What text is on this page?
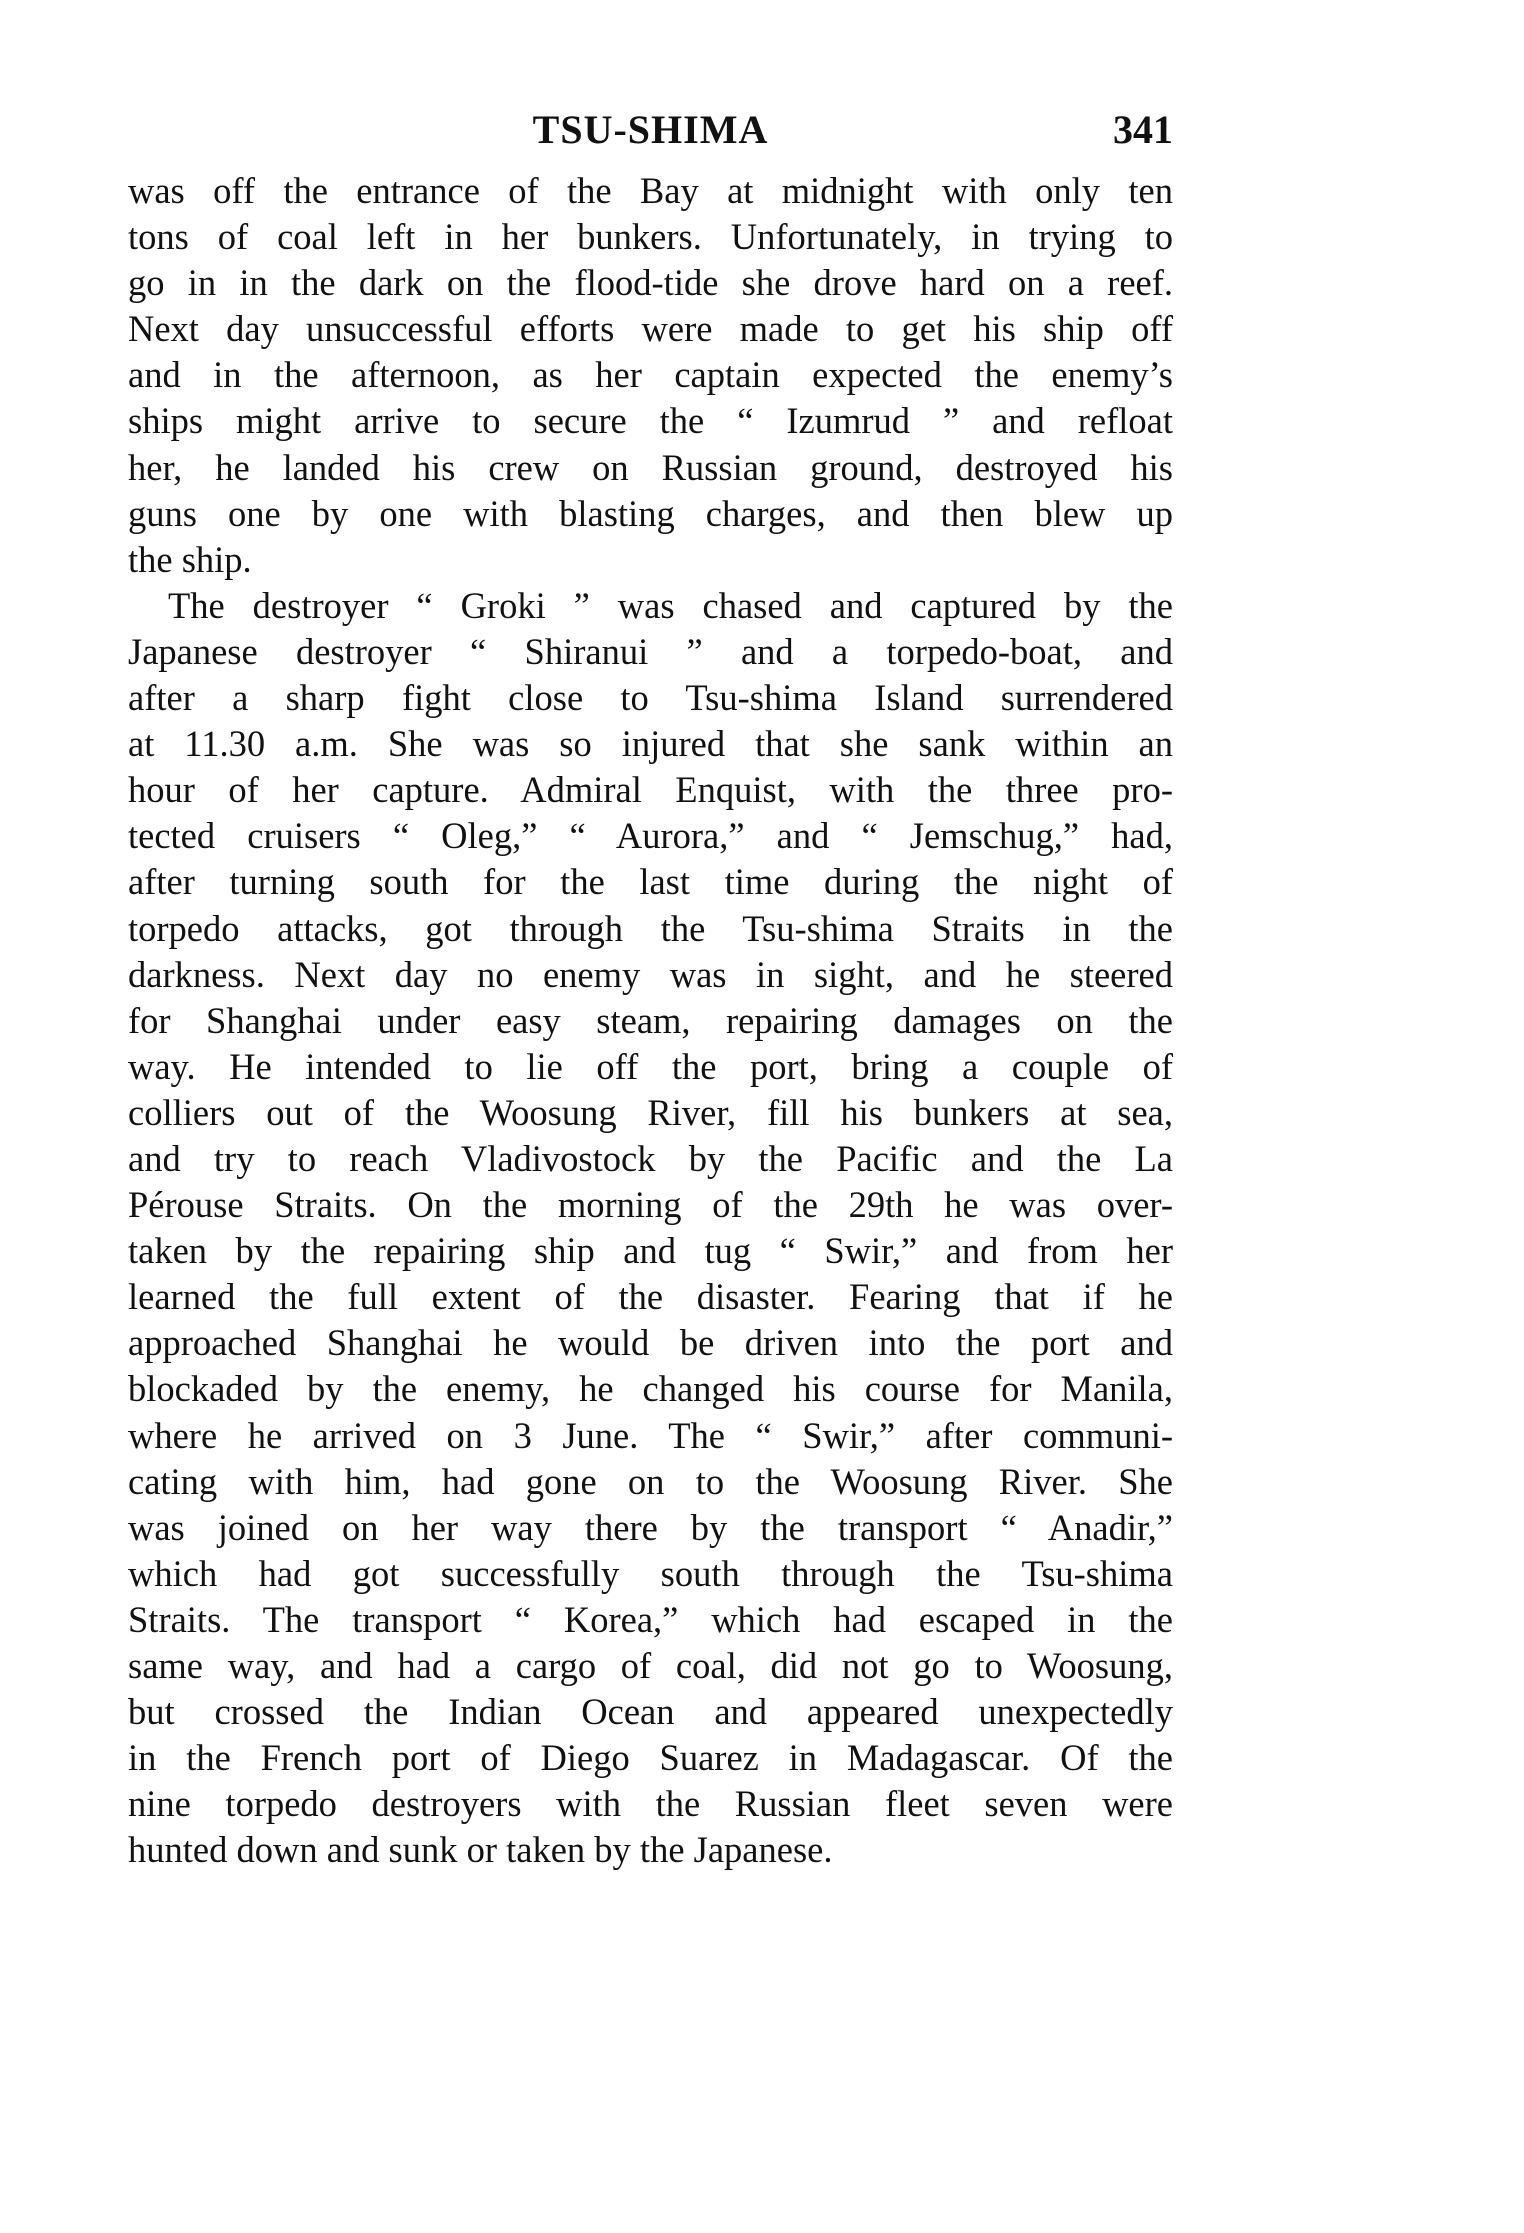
TSU-SHIMA	341
was off the entrance of the Bay at midnight with only ten
tons of coal left in her bunkers. Unfortunately, in trying to
go in in the dark on the flood-tide she drove hard on a reef.
Next day unsuccessful efforts were made to get his ship off
and in the afternoon, as her captain expected the enemy’s
ships might arrive to secure the “ Izumrud ” and refloat
her, he landed his crew on Russian ground, destroyed his
guns one by one with blasting charges, and then blew up
the ship.
The destroyer “ Groki ” was chased and captured by the
Japanese destroyer “ Shiranui ” and a torpedo-boat, and
after a sharp fight close to Tsu-shima Island surrendered
at 11.30 a.m. She was so injured that she sank within an
hour of her capture. Admiral Enquist, with the three pro-
tected cruisers “ Oleg,” “ Aurora,” and “ Jemschug,” had,
after turning south for the last time during the night of
torpedo attacks, got through the Tsu-shima Straits in the
darkness. Next day no enemy was in sight, and he steered
for Shanghai under easy steam, repairing damages on the
way. He intended to lie off the port, bring a couple of
colliers out of the Woosung River, fill his bunkers at sea,
and try to reach Vladivostock by the Pacific and the La
Pérouse Straits. On the morning of the 29th he was over-
taken by the repairing ship and tug “ Swir,” and from her
learned the full extent of the disaster. Fearing that if he
approached Shanghai he would be driven into the port and
blockaded by the enemy, he changed his course for Manila,
where he arrived on 3 June. The “ Swir,” after communi-
cating with him, had gone on to the Woosung River. She
was joined on her way there by the transport “ Anadir,”
which had got successfully south through the Tsu-shima
Straits. The transport “ Korea,” which had escaped in the
same way, and had a cargo of coal, did not go to Woosung,
but crossed the Indian Ocean and appeared unexpectedly
in the French port of Diego Suarez in Madagascar. Of the
nine torpedo destroyers with the Russian fleet seven were
hunted down and sunk or taken by the Japanese.
